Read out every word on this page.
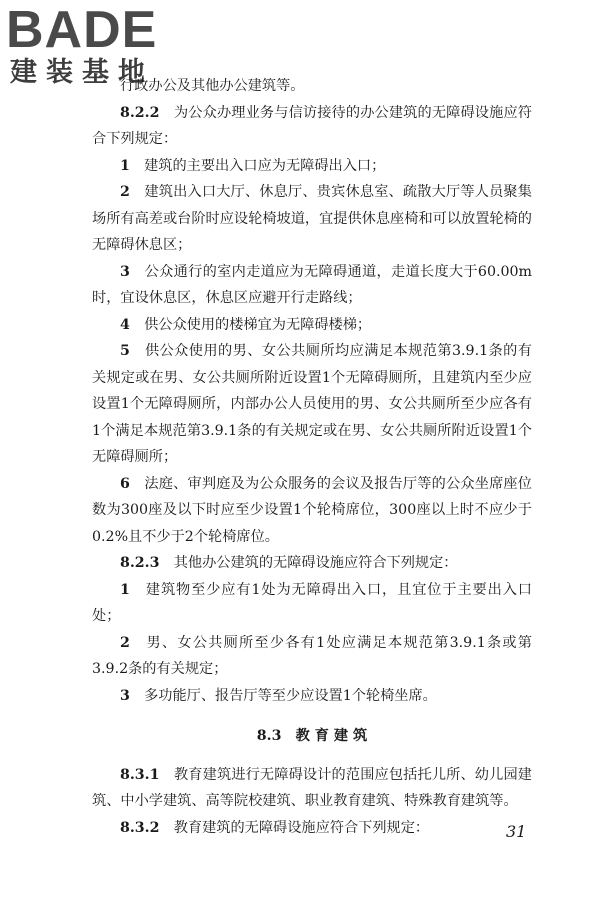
BADE
建装基地

行政办公及其他办公建筑等。

8.2.2　 为公众办理业务与信访接待的办公建筑的无障碍设施应符合下列规定：

1　 建筑的主要出入口应为无障碍出入口；

2　 建筑出入口大厅、休息厅、贵宾休息室、疏散大厅等人员聚集场所有高差或台阶时应设轮椅坡道，宜提供休息座椅和可以放置轮椅的无障碍休息区；

3　 公众通行的室内走道应为无障碍通道，走道长度大于60.00m时，宜设休息区，休息区应避开行走路线；

4　 供公众使用的楼梯宜为无障碍楼梯；

5　 供公众使用的男、女公共厕所均应满足本规范第3.9.1条的有关规定或在男、女公共厕所附近设置1个无障碍厕所，且建筑内至少应设置1个无障碍厕所，内部办公人员使用的男、女公共厕所至少应各有1个满足本规范第3.9.1条的有关规定或在男、女公共厕所附近设置1个无障碍厕所；

6　 法庭、审判庭及为公众服务的会议及报告厅等的公众坐席座位数为300座及以下时应至少设置1个轮椅席位，300座以上时不应少于0.2%且不少于2个轮椅席位。

8.2.3　 其他办公建筑的无障碍设施应符合下列规定：

1　 建筑物至少应有1处为无障碍出入口，且宜位于主要出入口处；

2　 男、女公共厕所至少各有1处应满足本规范第3.9.1条或第3.9.2条的有关规定；

3　 多功能厅、报告厅等至少应设置1个轮椅坐席。

8.3　教 育 建 筑

8.3.1　 教育建筑进行无障碍设计的范围应包括托儿所、幼儿园建筑、中小学建筑、高等院校建筑、职业教育建筑、特殊教育建筑等。

8.3.2　 教育建筑的无障碍设施应符合下列规定：	31
